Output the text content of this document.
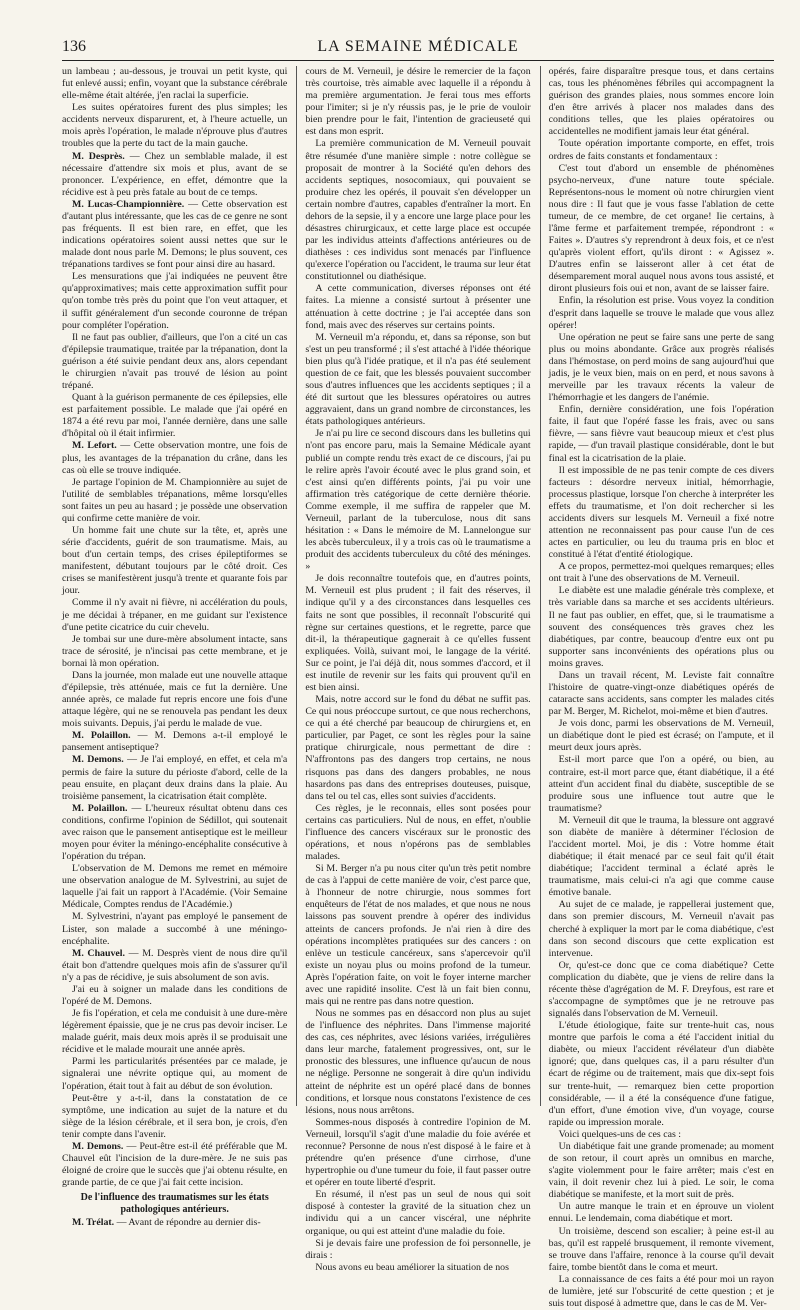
136	LA SEMAINE MÉDICALE

un lambeau ; au-dessous, je trouvai un petit kyste, qui fut enlevé aussi; enfin, voyant que la substance cérébrale elle-même était altérée, j'en raclai la superficie.

Les suites opératoires furent des plus simples; les accidents nerveux disparurent, et, à l'heure actuelle, un mois après l'opération, le malade n'éprouve plus d'autres troubles que la perte du tact de la main gauche.

M. Desprès. — Chez un semblable malade, il est nécessaire d'attendre six mois et plus, avant de se prononcer. L'expérience, en effet, démontre que la récidive est à peu près fatale au bout de ce temps.

M. Lucas-Championnière. — Cette observation est d'autant plus intéressante, que les cas de ce genre ne sont pas fréquents. Il est bien rare, en effet, que les indications opératoires soient aussi nettes que sur le malade dont nous parle M. Demons; le plus souvent, ces trépanations tardives se font pour ainsi dire au hasard.

Les mensurations que j'ai indiquées ne peuvent être qu'approximatives; mais cette approximation suffit pour qu'on tombe très près du point que l'on veut attaquer, et il suffit généralement d'un seconde couronne de trépan pour compléter l'opération.

Il ne faut pas oublier, d'ailleurs, que l'on a cité un cas d'épilepsie traumatique, traitée par la trépanation, dont la guérison a été suivie pendant deux ans, alors cependant le chirurgien n'avait pas trouvé de lésion au point trépané.

Quant à la guérison permanente de ces épilepsies, elle est parfaitement possible. Le malade que j'ai opéré en 1874 a été revu par moi, l'année dernière, dans une salle d'hôpital où il était infirmier.

M. Lefort. — Cette observation montre, une fois de plus, les avantages de la trépanation du crâne, dans les cas où elle se trouve indiquée.

Je partage l'opinion de M. Championnière au sujet de l'utilité de semblables trépanations, même lorsqu'elles sont faites un peu au hasard ; je possède une observation qui confirme cette manière de voir.

Un homme fait une chute sur la tête, et, après une série d'accidents, guérit de son traumatisme. Mais, au bout d'un certain temps, des crises épileptiformes se manifestent, débutant toujours par le côté droit. Ces crises se manifestèrent jusqu'à trente et quarante fois par jour.

Comme il n'y avait ni fièvre, ni accélération du pouls, je me décidai à trépaner, en me guidant sur l'existence d'une petite cicatrice du cuir chevelu.

Je tombai sur une dure-mère absolument intacte, sans trace de sérosité, je n'incisai pas cette membrane, et je bornai là mon opération.

Dans la journée, mon malade eut une nouvelle attaque d'épilepsie, très atténuée, mais ce fut la dernière. Une année après, ce malade fut repris encore une fois d'une attaque légère, qui ne se renouvela pas pendant les deux mois suivants. Depuis, j'ai perdu le malade de vue.

M. Polaillon. — M. Demons a-t-il employé le pansement antiseptique?

M. Demons. — Je l'ai employé, en effet, et cela m'a permis de faire la suture du périoste d'abord, celle de la peau ensuite, en plaçant deux drains dans la plaie. Au troisième pansement, la cicatrisation était complète.

M. Polaillon. — L'heureux résultat obtenu dans ces conditions, confirme l'opinion de Sédillot, qui soutenait avec raison que le pansement antiseptique est le meilleur moyen pour éviter la méningo-encéphalite consécutive à l'opération du trépan.

L'observation de M. Demons me remet en mémoire une observation analogue de M. Sylvestrini, au sujet de laquelle j'ai fait un rapport à l'Académie. (Voir Semaine Médicale, Comptes rendus de l'Académie.)

M. Sylvestrini, n'ayant pas employé le pansement de Lister, son malade a succombé à une méningo-encéphalite.

M. Chauvel. — M. Desprès vient de nous dire qu'il était bon d'attendre quelques mois afin de s'assurer qu'il n'y a pas de récidive, je suis absolument de son avis.

J'ai eu à soigner un malade dans les conditions de l'opéré de M. Demons.

Je fis l'opération, et cela me conduisit à une dure-mère légèrement épaissie, que je ne crus pas devoir inciser. Le malade guérit, mais deux mois après il se produisait une récidive et le malade mourait une année après.

Parmi les particularités présentées par ce malade, je signalerai une névrite optique qui, au moment de l'opération, était tout à fait au début de son évolution.

Peut-être y a-t-il, dans la constatation de ce symptôme, une indication au sujet de la nature et du siège de la lésion cérébrale, et il sera bon, je crois, d'en tenir compte dans l'avenir.

M. Demons. — Peut-être est-il été préférable que M. Chauvel eût l'incision de la dure-mère. Je ne suis pas éloigné de croire que le succès que j'ai obtenu résulte, en grande partie, de ce que j'ai fait cette incision.

De l'influence des traumatismes sur les états pathologiques antérieurs.

M. Trélat. — Avant de répondre au dernier dis-

cours de M. Verneuil, je désire le remercier de la façon très courtoise, très aimable avec laquelle il a répondu à ma première argumentation. Je ferai tous mes efforts pour l'imiter; si je n'y réussis pas, je le prie de vouloir bien prendre pour le fait, l'intention de gracieuseté qui est dans mon esprit.

La première communication de M. Verneuil pouvait être résumée d'une manière simple : notre collègue se proposait de montrer à la Société qu'en dehors des accidents septiques, nosocomiaux, qui pouvaient se produire chez les opérés, il pouvait s'en développer un certain nombre d'autres, capables d'entraîner la mort. En dehors de la sepsie, il y a encore une large place pour les désastres chirurgicaux, et cette large place est occupée par les individus atteints d'affections antérieures ou de diathèses : ces individus sont menacés par l'influence qu'exerce l'opération ou l'accident, le trauma sur leur état constitutionnel ou diathésique.

A cette communication, diverses réponses ont été faites. La mienne a consisté surtout à présenter une atténuation à cette doctrine ; je l'ai acceptée dans son fond, mais avec des réserves sur certains points.

M. Verneuil m'a répondu, et, dans sa réponse, son but s'est un peu transformé ; il s'est attaché à l'idée théorique bien plus qu'à l'idée pratique, et il n'a pas été seulement question de ce fait, que les blessés pouvaient succomber sous d'autres influences que les accidents septiques ; il a été dit surtout que les blessures opératoires ou autres aggravaient, dans un grand nombre de circonstances, les états pathologiques antérieurs.

Je n'ai pu lire ce second discours dans les bulletins qui n'ont pas encore paru, mais la Semaine Médicale ayant publié un compte rendu très exact de ce discours, j'ai pu le relire après l'avoir écouté avec le plus grand soin, et c'est ainsi qu'en différents points, j'ai pu voir une affirmation très catégorique de cette dernière théorie. Comme exemple, il me suffira de rappeler que M. Verneuil, parlant de la tuberculose, nous dit sans hésitation : « Dans le mémoire de M. Lannelongue sur les abcès tuberculeux, il y a trois cas où le traumatisme a produit des accidents tuberculeux du côté des méninges. »

Je dois reconnaître toutefois que, en d'autres points, M. Verneuil est plus prudent ; il fait des réserves, il indique qu'il y a des circonstances dans lesquelles ces faits ne sont que possibles, il reconnaît l'obscurité qui règne sur certaines questions, et le regrette, parce que dit-il, la thérapeutique gagnerait à ce qu'elles fussent expliquées. Voilà, suivant moi, le langage de la vérité. Sur ce point, je l'ai déjà dit, nous sommes d'accord, et il est inutile de revenir sur les faits qui prouvent qu'il en est bien ainsi.

Mais, notre accord sur le fond du débat ne suffit pas. Ce qui nous préoccupe surtout, ce que nous recherchons, ce qui a été cherché par beaucoup de chirurgiens et, en particulier, par Paget, ce sont les règles pour la saine pratique chirurgicale, nous permettant de dire : N'affrontons pas des dangers trop certains, ne nous risquons pas dans des dangers probables, ne nous hasardons pas dans des entreprises douteuses, puisque, dans tel ou tel cas, elles sont suivies d'accidents.

Ces règles, je le reconnais, elles sont posées pour certains cas particuliers. Nul de nous, en effet, n'oublie l'influence des cancers viscéraux sur le pronostic des opérations, et nous n'opérons pas de semblables malades.

Si M. Berger n'a pu nous citer qu'un très petit nombre de cas à l'appui de cette manière de voir, c'est parce que, à l'honneur de notre chirurgie, nous sommes fort enquêteurs de l'état de nos malades, et que nous ne nous laissons pas souvent prendre à opérer des individus atteints de cancers profonds. Je n'ai rien à dire des opérations incomplètes pratiquées sur des cancers : on enlève un testicule cancéreux, sans s'apercevoir qu'il existe un noyau plus ou moins profond de la tumeur. Après l'opération faite, on voit le foyer interne marcher avec une rapidité insolite. C'est là un fait bien connu, mais qui ne rentre pas dans notre question.

Nous ne sommes pas en désaccord non plus au sujet de l'influence des néphrites. Dans l'immense majorité des cas, ces néphrites, avec lésions variées, irrégulières dans leur marche, fatalement progressives, ont, sur le pronostic des blessures, une influence qu'aucun de nous ne néglige. Personne ne songerait à dire qu'un individu atteint de néphrite est un opéré placé dans de bonnes conditions, et lorsque nous constatons l'existence de ces lésions, nous nous arrêtons.

Sommes-nous disposés à contredire l'opinion de M. Verneuil, lorsqu'il s'agit d'une maladie du foie avérée et reconnue? Personne de nous n'est disposé à le faire et à prétendre qu'en présence d'une cirrhose, d'une hypertrophie ou d'une tumeur du foie, il faut passer outre et opérer en toute liberté d'esprit.

En résumé, il n'est pas un seul de nous qui soit disposé à contester la gravité de la situation chez un individu qui a un cancer viscéral, une néphrite organique, ou qui est atteint d'une maladie du foie.

Si je devais faire une profession de foi personnelle, je dirais :

Nous avons eu beau améliorer la situation de nos

opérés, faire disparaître presque tous, et dans certains cas, tous les phénomènes fébriles qui accompagnent la guérison des grandes plaies, nous sommes encore loin d'en être arrivés à placer nos malades dans des conditions telles, que les plaies opératoires ou accidentelles ne modifient jamais leur état général.

Toute opération importante comporte, en effet, trois ordres de faits constants et fondamentaux :

C'est tout d'abord un ensemble de phénomènes psycho-nerveux, d'une nature toute spéciale. Représentons-nous le moment où notre chirurgien vient nous dire : Il faut que je vous fasse l'ablation de cette tumeur, de ce membre, de cet organe! Iie certains, à l'âme ferme et parfaitement trempée, répondront : « Faites ». D'autres s'y reprendront à deux fois, et ce n'est qu'après violent effort, qu'ils diront : « Agissez ». D'autres enfin se laisseront aller à cet état de désemparement moral auquel nous avons tous assisté, et diront plusieurs fois oui et non, avant de se laisser faire.

Enfin, la résolution est prise. Vous voyez la condition d'esprit dans laquelle se trouve le malade que vous allez opérer!

Une opération ne peut se faire sans une perte de sang plus ou moins abondante. Grâce aux progrès réalisés dans l'hémostase, on perd moins de sang aujourd'hui que jadis, je le veux bien, mais on en perd, et nous savons à merveille par les travaux récents la valeur de l'hémorrhagie et les dangers de l'anémie.

Enfin, dernière considération, une fois l'opération faite, il faut que l'opéré fasse les frais, avec ou sans fièvre, — sans fièvre vaut beaucoup mieux et c'est plus rapide, — d'un travail plastique considérable, dont le but final est la cicatrisation de la plaie.

Il est impossible de ne pas tenir compte de ces divers facteurs : désordre nerveux initial, hémorrhagie, processus plastique, lorsque l'on cherche à interpréter les effets du traumatisme, et l'on doit rechercher si les accidents divers sur lesquels M. Verneuil a fixé notre attention ne reconnaissent pas pour cause l'un de ces actes en particulier, ou leu du trauma pris en bloc et constitué à l'état d'entité étiologique.

A ce propos, permettez-moi quelques remarques; elles ont trait à l'une des observations de M. Verneuil.

Le diabète est une maladie générale très complexe, et très variable dans sa marche et ses accidents ultérieurs. Il ne faut pas oublier, en effet, que, si le traumatisme a souvent des conséquences très graves chez les diabétiques, par contre, beaucoup d'entre eux ont pu supporter sans inconvénients des opérations plus ou moins graves.

Dans un travail récent, M. Leviste fait connaître l'histoire de quatre-vingt-onze diabétiques opérés de cataracte sans accidents, sans compter les malades cités par M. Berger, M. Richelot, moi-même et bien d'autres.

Je vois donc, parmi les observations de M. Verneuil, un diabétique dont le pied est écrasé; on l'ampute, et il meurt deux jours après.

Est-il mort parce que l'on a opéré, ou bien, au contraire, est-il mort parce que, étant diabétique, il a été atteint d'un accident final du diabète, susceptible de se produire sous une influence tout autre que le traumatisme?

M. Verneuil dit que le trauma, la blessure ont aggravé son diabète de manière à déterminer l'éclosion de l'accident mortel. Moi, je dis : Votre homme était diabétique; il était menacé par ce seul fait qu'il était diabétique; l'accident terminal a éclaté après le traumatisme, mais celui-ci n'a agi que comme cause émotive banale.

Au sujet de ce malade, je rappellerai justement que, dans son premier discours, M. Verneuil n'avait pas cherché à expliquer la mort par le coma diabétique, c'est dans son second discours que cette explication est intervenue.

Or, qu'est-ce donc que ce coma diabétique? Cette complication du diabète, que je viens de relire dans la récente thèse d'agrégation de M. F. Dreyfous, est rare et s'accompagne de symptômes que je ne retrouve pas signalés dans l'observation de M. Verneuil.

L'étude étiologique, faite sur trente-huit cas, nous montre que parfois le coma a été l'accident initial du diabète, ou mieux l'accident révélateur d'un diabète ignoré; que, dans quelques cas, il a paru résulter d'un écart de régime ou de traitement, mais que dix-sept fois sur trente-huit, — remarquez bien cette proportion considérable, — il a été la conséquence d'une fatigue, d'un effort, d'une émotion vive, d'un voyage, course rapide ou impression morale.

Voici quelques-uns de ces cas :

Un diabétique fait une grande promenade; au moment de son retour, il court après un omnibus en marche, s'agite violemment pour le faire arrêter; mais c'est en vain, il doit revenir chez lui à pied. Le soir, le coma diabétique se manifeste, et la mort suit de près.

Un autre manque le train et en éprouve un violent ennui. Le lendemain, coma diabétique et mort.

Un troisième, descend son escalier; à peine est-il au bas, qu'il est rappelé brusquement, il remonte vivement, se trouve dans l'affaire, renonce à la course qu'il devait faire, tombe bientôt dans le coma et meurt.

La connaissance de ces faits a été pour moi un rayon de lumière, jeté sur l'obscurité de cette question ; et je suis tout disposé à admettre que, dans le cas de M. Ver-
